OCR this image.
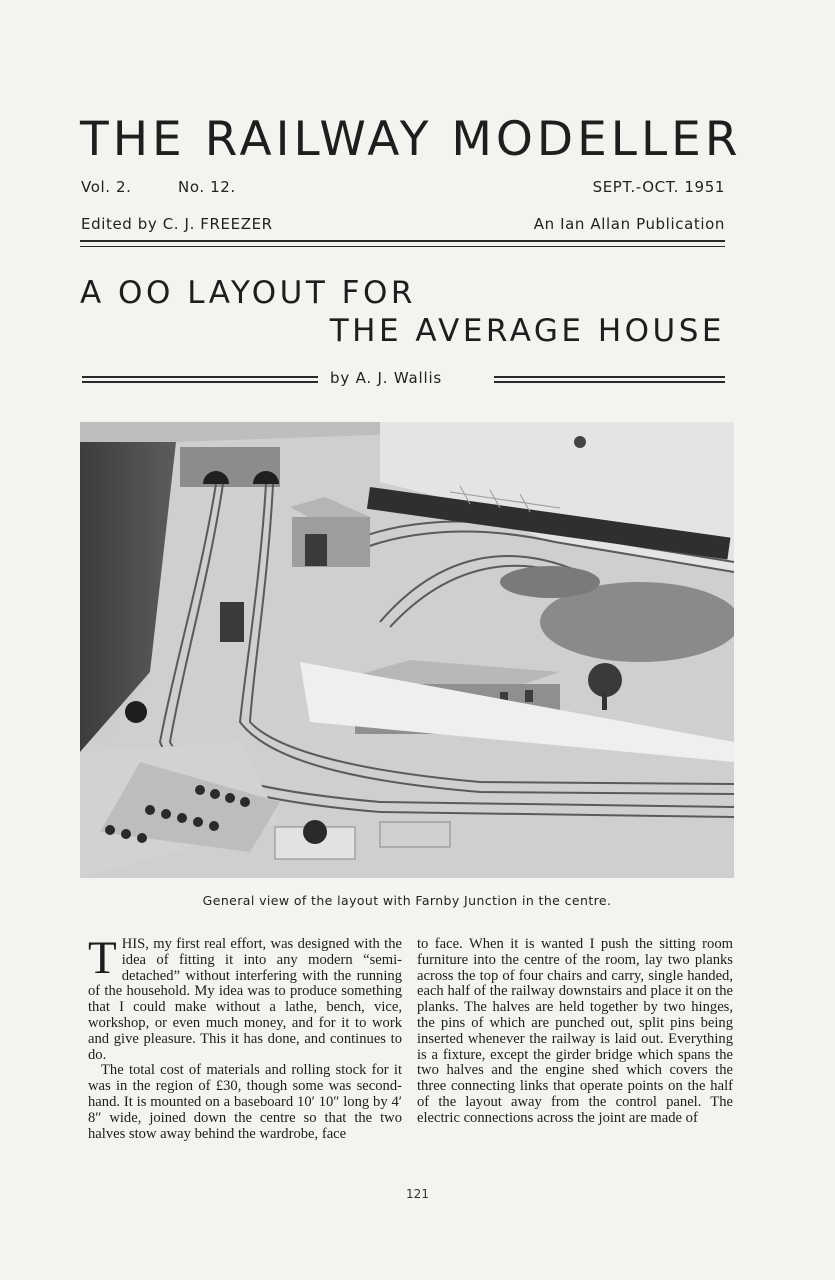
THE RAILWAY MODELLER
Vol. 2.	No. 12.	SEPT.-OCT. 1951
Edited by C. J. FREEZER	An Ian Allan Publication
A OO LAYOUT FOR
THE AVERAGE HOUSE
by A. J. Wallis
General view of the layout with Farnby Junction in the centre.

THIS, my first real effort, was designed with the idea of fitting it into any modern “semi-detached” without interfering with the running of the household. My idea was to produce something that I could make without a lathe, bench, vice, workshop, or even much money, and for it to work and give pleasure. This it has done, and continues to do.

The total cost of materials and rolling stock for it was in the region of £30, though some was second-hand. It is mounted on a baseboard 10′ 10″ long by 4′ 8″ wide, joined down the centre so that the two halves stow away behind the wardrobe, face

to face. When it is wanted I push the sitting room furniture into the centre of the room, lay two planks across the top of four chairs and carry, single handed, each half of the railway downstairs and place it on the planks. The halves are held together by two hinges, the pins of which are punched out, split pins being inserted whenever the railway is laid out. Everything is a fixture, except the girder bridge which spans the two halves and the engine shed which covers the three connecting links that operate points on the half of the layout away from the control panel. The electric connections across the joint are made of

121
